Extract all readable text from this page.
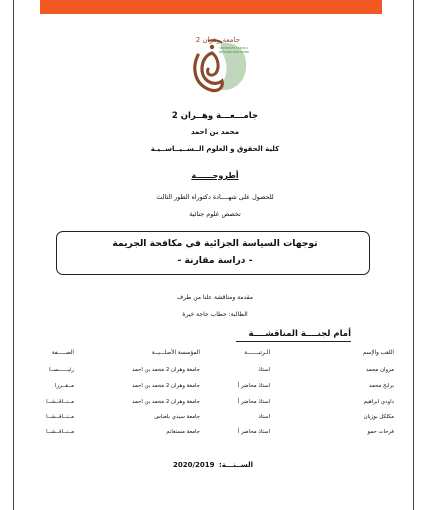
جامعة وهران 2
UNIVERSITE D'ORAN 2
MOHAMED BEN AHMED
جامـــعـــة وهــران 2
محمد بن احمد
كلية الحقوق و العلوم الــســيــاســيـة
أطروحــــــة
للحصول على شهــــادة دكتوراه الطور الثالث
تخصص علوم جنائية
توجهات السياسة الجزائية في مكافحة الجريمة
- دراسة مقارنة -
مقدمة ومناقشة علنا من طرف
الطالبة: حطاب حاجة خيرة
أمام لجنــــة المناقشــــة
اللقب والإسم
الـرتبـــــــة
المؤسسة الأصلـــيــة
الصـــــفة
مروان محمد
استاذ
جامعة وهران 2 محمد بن احمد
رئيــــــســا
برابح محمد
استاذ محاضر أ
جامعة وهران 2 محمد بن احمد
مــقــررا
داودي ابراهيم
استاذ محاضر أ
جامعة وهران 2 محمد بن احمد
مــنــاقــشــا
مكلكل بوزيان
استاذ
جامعة سيدي بلعباس
مــنــاقــشــا
فرحات حمو
استاذ محاضر أ
جامعة مستغانم
مــنــاقــشــا
الســنـــة:
2020/2019
